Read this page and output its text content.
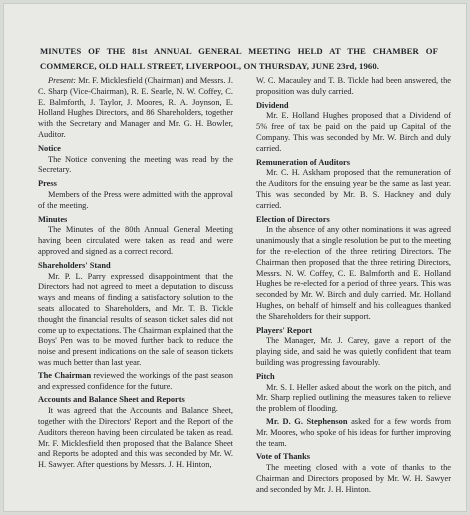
MINUTES OF THE 81st ANNUAL GENERAL MEETING HELD AT THE CHAMBER OF COMMERCE, OLD HALL STREET, LIVERPOOL, ON THURSDAY, JUNE 23rd, 1960.

Present: Mr. F. Micklesfield (Chairman) and Messrs. J. C. Sharp (Vice-Chairman), R. E. Searle, N. W. Coffey, C. E. Balmforth, J. Taylor, J. Moores, R. A. Joynson, E. Holland Hughes Directors, and 86 Shareholders, together with the Secretary and Manager and Mr. G. H. Bowler, Auditor.

Notice

The Notice convening the meeting was read by the Secretary.

Press

Members of the Press were admitted with the approval of the meeting.

Minutes

The Minutes of the 80th Annual General Meeting having been circulated were taken as read and were approved and signed as a correct record.

Shareholders' Stand

Mr. P. L. Parry expressed disappointment that the Directors had not agreed to meet a deputation to discuss ways and means of finding a satisfactory solution to the seats allocated to Shareholders, and Mr. T. B. Tickle thought the financial results of season ticket sales did not come up to expectations. The Chairman explained that the Boys' Pen was to be moved further back to reduce the noise and present indications on the sale of season tickets was much better than last year.

The Chairman reviewed the workings of the past season and expressed confidence for the future.

Accounts and Balance Sheet and Reports

It was agreed that the Accounts and Balance Sheet, together with the Directors' Report and the Report of the Auditors thereon having been circulated be taken as read. Mr. F. Micklesfield then proposed that the Balance Sheet and Reports be adopted and this was seconded by Mr. W. H. Sawyer. After questions by Messrs. J. H. Hinton,

W. C. Macauley and T. B. Tickle had been answered, the proposition was duly carried.

Dividend

Mr. E. Holland Hughes proposed that a Dividend of 5% free of tax be paid on the paid up Capital of the Company. This was seconded by Mr. W. Birch and duly carried.

Remuneration of Auditors

Mr. C. H. Askham proposed that the remuneration of the Auditors for the ensuing year be the same as last year. This was seconded by Mr. B. S. Hackney and duly carried.

Election of Directors

In the absence of any other nominations it was agreed unanimously that a single resolution be put to the meeting for the re-election of the three retiring Directors. The Chairman then proposed that the three retiring Directors, Messrs. N. W. Coffey, C. E. Balmforth and E. Holland Hughes be re-elected for a period of three years. This was seconded by Mr. W. Birch and duly carried. Mr. Holland Hughes, on behalf of himself and his colleagues thanked the Shareholders for their support.

Players' Report

The Manager, Mr. J. Carey, gave a report of the playing side, and said he was quietly confident that team building was progressing favourably.

Pitch

Mr. S. I. Heller asked about the work on the pitch, and Mr. Sharp replied outlining the measures taken to relieve the problem of flooding.

Mr. D. G. Stephenson asked for a few words from Mr. Moores, who spoke of his ideas for further improving the team.

Vote of Thanks

The meeting closed with a vote of thanks to the Chairman and Directors proposed by Mr. W. H. Sawyer and seconded by Mr. J. H. Hinton.
